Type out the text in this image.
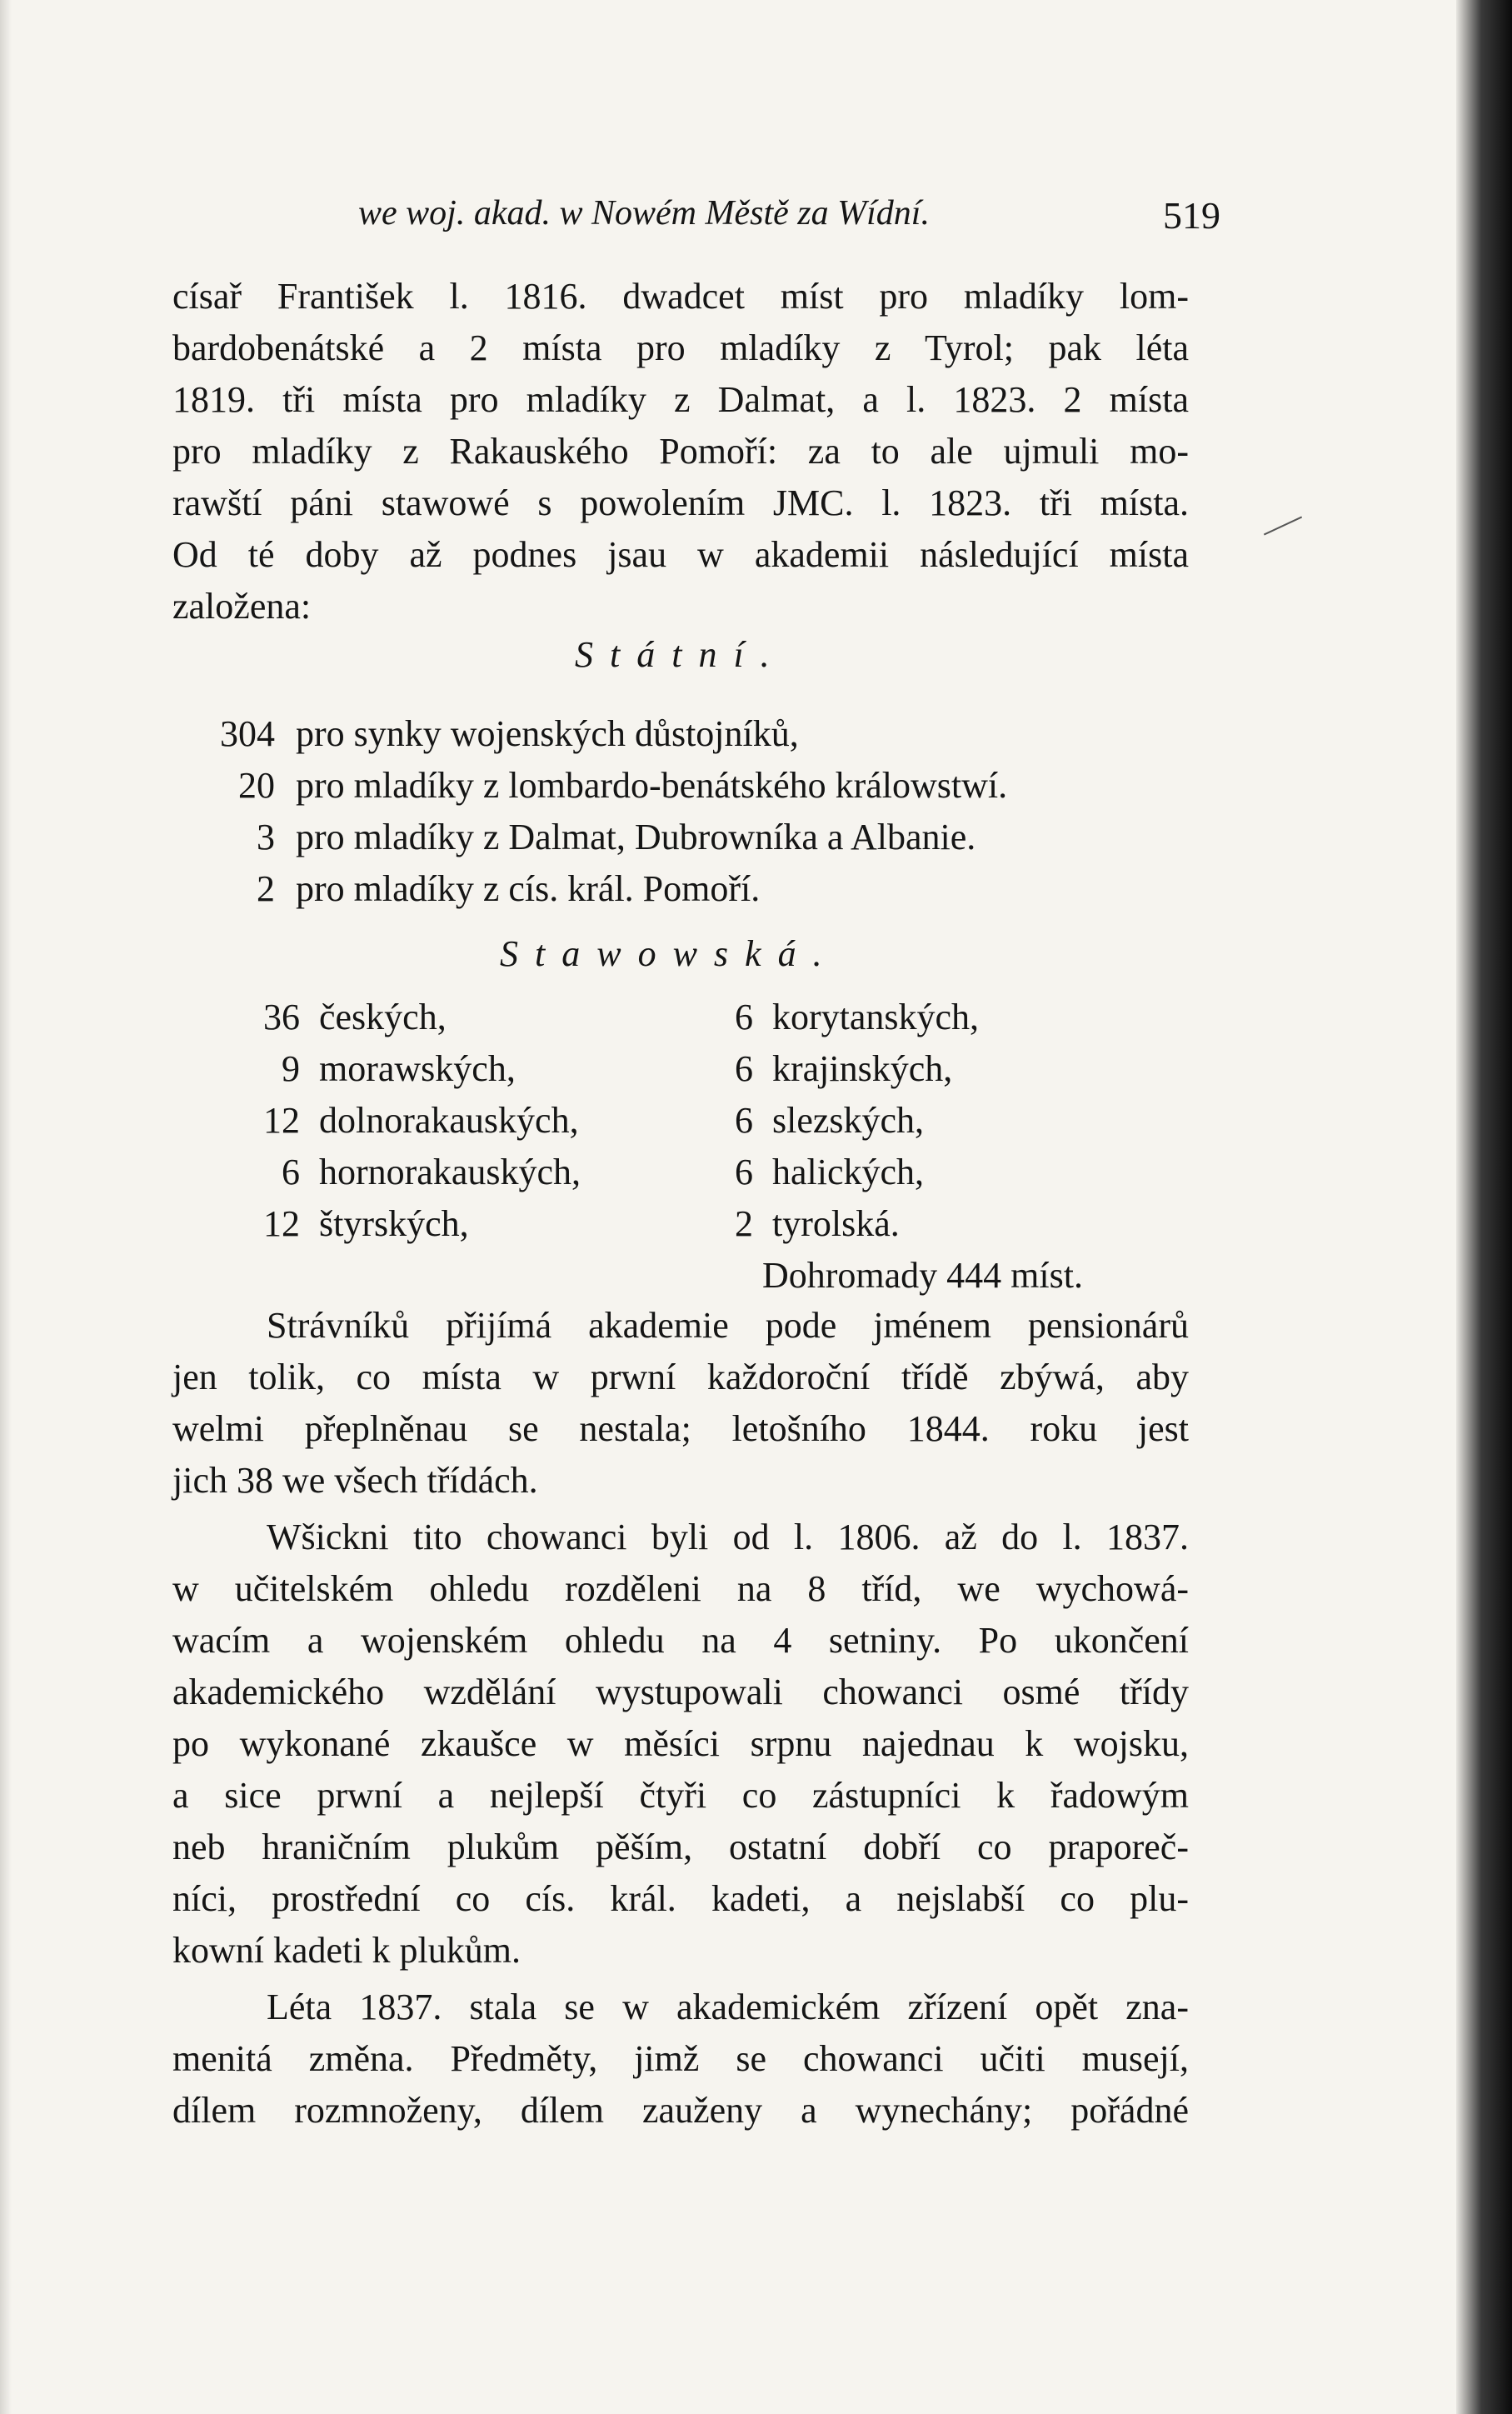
we woj. akad. w Nowém Městě za Wídní.	519
císař František l. 1816. dwadcet míst pro mladíky lom-
bardobenátské a 2 místa pro mladíky z Tyrol; pak léta
1819. tři místa pro mladíky z Dalmat, a l. 1823. 2 místa
pro mladíky z Rakauského Pomoří: za to ale ujmuli mo-
rawští páni stawowé s powolením JMC. l. 1823. tři místa.
Od té doby až podnes jsau w akademii následující místa
založena:
Státní.
304 pro synky wojenských důstojníků,
20 pro mladíky z lombardo-benátského králowstwí.
3 pro mladíky z Dalmat, Dubrowníka a Albanie.
2 pro mladíky z cís. král. Pomoří.
Stawowská.
36 českých,
9 morawských,
12 dolnorakauských,
6 hornorakauských,
12 štyrských,
6 korytanských,
6 krajinských,
6 slezských,
6 halických,
2 tyrolská.
Dohromady 444 míst.
Strávníků přijímá akademie pode jménem pensionárů
jen tolik, co místa w prwní každoroční třídě zbýwá, aby
welmi přeplněnau se nestala; letošního 1844. roku jest
jich 38 we všech třídách.
Wšickni tito chowanci byli od l. 1806. až do l. 1837.
w učitelském ohledu rozděleni na 8 tříd, we wychowá-
wacím a wojenském ohledu na 4 setniny. Po ukončení
akademického wzdělání wystupowali chowanci osmé třídy
po wykonané zkaušce w měsíci srpnu najednau k wojsku,
a sice prwní a nejlepší čtyři co zástupníci k řadowým
neb hraničním plukům pěším, ostatní dobří co praporeč-
níci, prostřední co cís. král. kadeti, a nejslabší co plu-
kowní kadeti k plukům.
Léta 1837. stala se w akademickém zřízení opět zna-
menitá změna. Předměty, jimž se chowanci učiti musejí,
dílem rozmnoženy, dílem zauženy a wynechány; pořádné
